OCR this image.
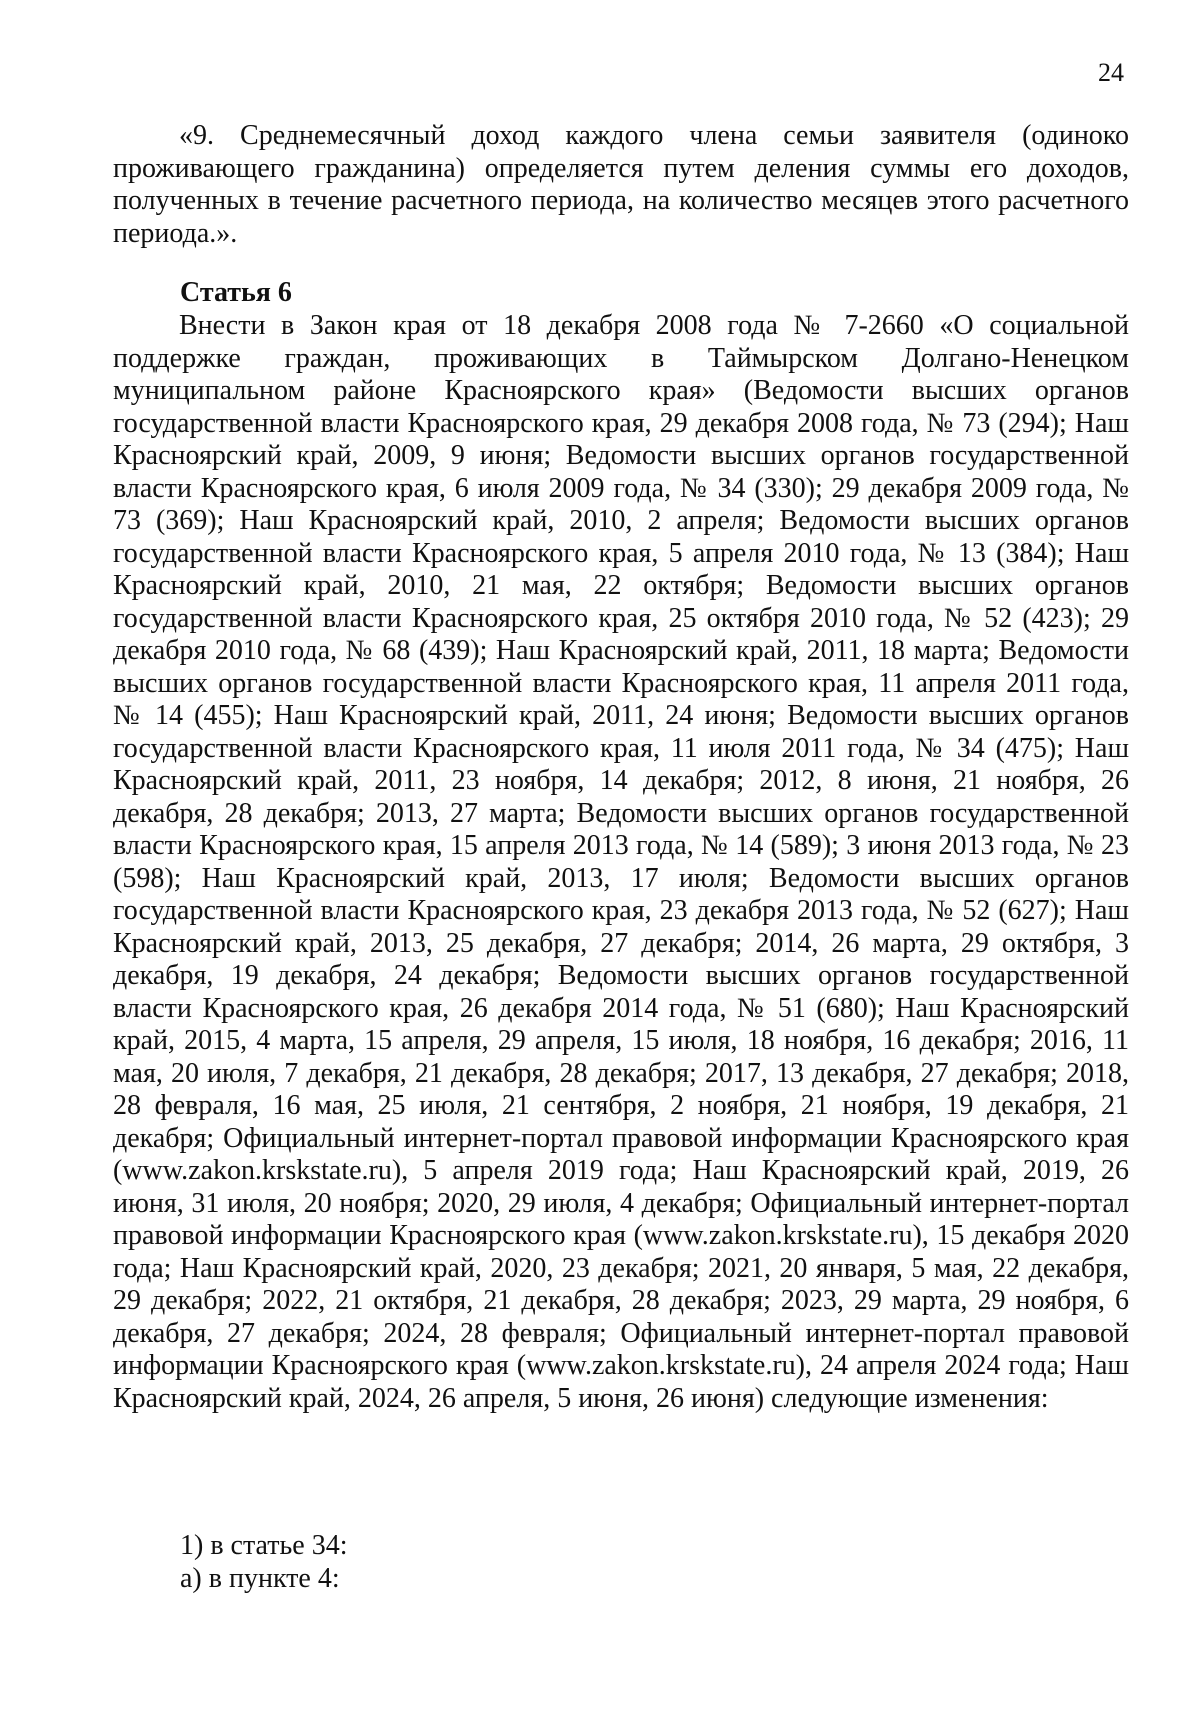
24

«9. Среднемесячный доход каждого члена семьи заявителя (одиноко проживающего гражданина) определяется путем деления суммы его доходов, полученных в течение расчетного периода, на количество месяцев этого расчетного периода.».

Статья 6

Внести в Закон края от 18 декабря 2008 года № 7-2660 «О социальной поддержке граждан, проживающих в Таймырском Долгано-Ненецком муниципальном районе Красноярского края» (Ведомости высших органов государственной власти Красноярского края, 29 декабря 2008 года, № 73 (294); Наш Красноярский край, 2009, 9 июня; Ведомости высших органов государственной власти Красноярского края, 6 июля 2009 года, № 34 (330); 29 декабря 2009 года, № 73 (369); Наш Красноярский край, 2010, 2 апреля; Ведомости высших органов государственной власти Красноярского края, 5 апреля 2010 года, № 13 (384); Наш Красноярский край, 2010, 21 мая, 22 октября; Ведомости высших органов государственной власти Красноярского края, 25 октября 2010 года, № 52 (423); 29 декабря 2010 года, № 68 (439); Наш Красноярский край, 2011, 18 марта; Ведомости высших органов государственной власти Красноярского края, 11 апреля 2011 года, № 14 (455); Наш Красноярский край, 2011, 24 июня; Ведомости высших органов государственной власти Красноярского края, 11 июля 2011 года, № 34 (475); Наш Красноярский край, 2011, 23 ноября, 14 декабря; 2012, 8 июня, 21 ноября, 26 декабря, 28 декабря; 2013, 27 марта; Ведомости высших органов государственной власти Красноярского края, 15 апреля 2013 года, № 14 (589); 3 июня 2013 года, № 23 (598); Наш Красноярский край, 2013, 17 июля; Ведомости высших органов государственной власти Красноярского края, 23 декабря 2013 года, № 52 (627); Наш Красноярский край, 2013, 25 декабря, 27 декабря; 2014, 26 марта, 29 октября, 3 декабря, 19 декабря, 24 декабря; Ведомости высших органов государственной власти Красноярского края, 26 декабря 2014 года, № 51 (680); Наш Красноярский край, 2015, 4 марта, 15 апреля, 29 апреля, 15 июля, 18 ноября, 16 декабря; 2016, 11 мая, 20 июля, 7 декабря, 21 декабря, 28 декабря; 2017, 13 декабря, 27 декабря; 2018, 28 февраля, 16 мая, 25 июля, 21 сентября, 2 ноября, 21 ноября, 19 декабря, 21 декабря; Официальный интернет-портал правовой информации Красноярского края (www.zakon.krskstate.ru), 5 апреля 2019 года; Наш Красноярский край, 2019, 26 июня, 31 июля, 20 ноября; 2020, 29 июля, 4 декабря; Официальный интернет-портал правовой информации Красноярского края (www.zakon.krskstate.ru), 15 декабря 2020 года; Наш Красноярский край, 2020, 23 декабря; 2021, 20 января, 5 мая, 22 декабря, 29 декабря; 2022, 21 октября, 21 декабря, 28 декабря; 2023, 29 марта, 29 ноября, 6 декабря, 27 декабря; 2024, 28 февраля; Официальный интернет-портал правовой информации Красноярского края (www.zakon.krskstate.ru), 24 апреля 2024 года; Наш Красноярский край, 2024, 26 апреля, 5 июня, 26 июня) следующие изменения:

1) в статье 34:

а) в пункте 4:
